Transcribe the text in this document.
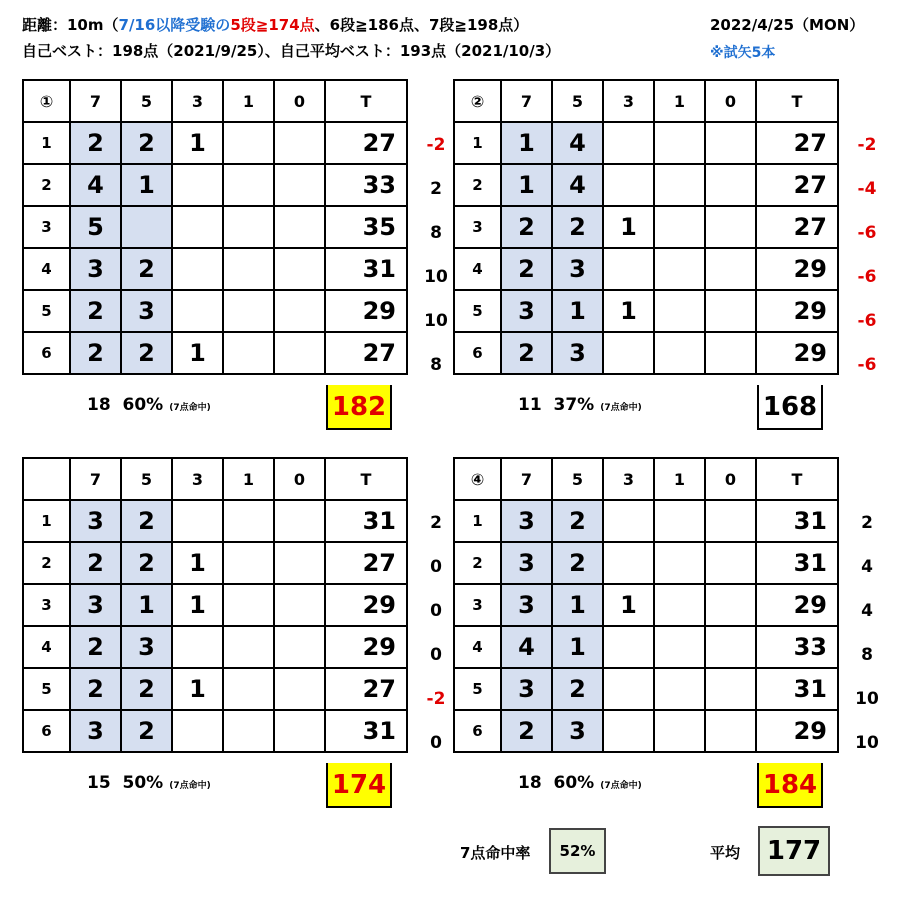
距離：10m（7/16以降受験の5段≧174点、6段≧186点、7段≧198点）
自己ベスト：198点（2021/9/25）、自己平均ベスト：193点（2021/10/3）
2022/4/25（MON）
※試矢5本
-2
2
8
10
10
8
①	7	5	3	1	0	T
1	2	2	1			27
2	4	1				33
3	5					35
4	3	2				31
5	2	3				29
6	2	2	1			27
18 60% (7点命中)	182
-2
-4
-6
-6
-6
-6
②	7	5	3	1	0	T
1	1	4				27
2	1	4				27
3	2	2	1			27
4	2	3				29
5	3	1	1			29
6	2	3				29
11 37% (7点命中)	168
2
0
0
0
-2
0
	7	5	3	1	0	T
1	3	2				31
2	2	2	1			27
3	3	1	1			29
4	2	3				29
5	2	2	1			27
6	3	2				31
15 50% (7点命中)	174
2
4
4
8
10
10
④	7	5	3	1	0	T
1	3	2				31
2	3	2				31
3	3	1	1			29
4	4	1				33
5	3	2				31
6	2	3				29
18 60% (7点命中)	184
7点命中率	52%	平均	177
